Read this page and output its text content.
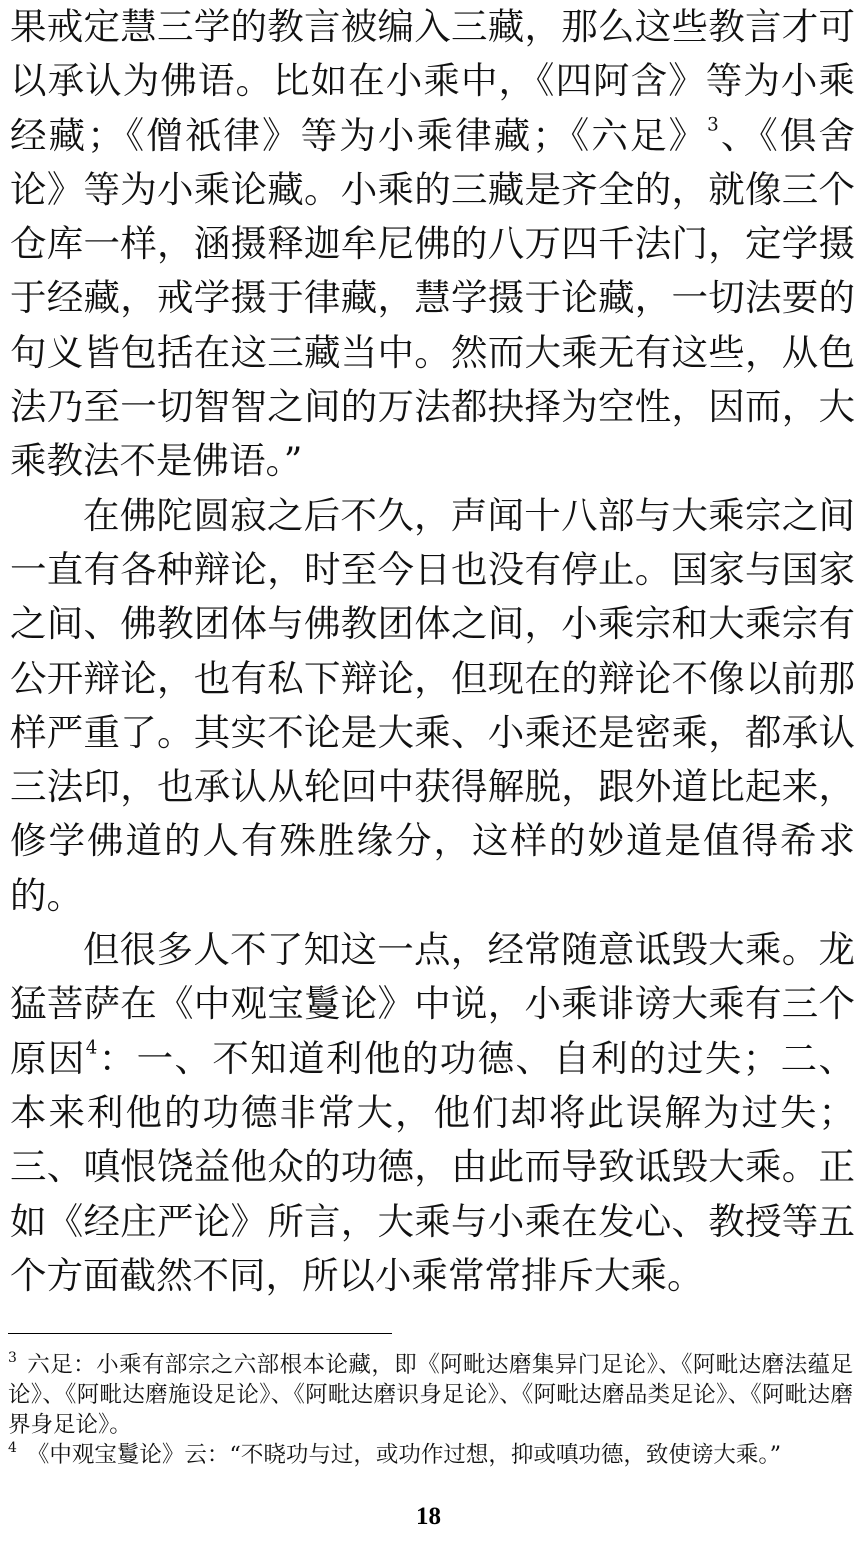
果戒定慧三学的教言被编入三藏，那么这些教言才可以承认为佛语。比如在小乘中，《四阿含》等为小乘经藏；《僧祇律》等为小乘律藏；《六足》$^3$、《俱舍论》等为小乘论藏。小乘的三藏是齐全的，就像三个仓库一样，涵摄释迦牟尼佛的八万四千法门，定学摄于经藏，戒学摄于律藏，慧学摄于论藏，一切法要的句义皆包括在这三藏当中。然而大乘无有这些，从色法乃至一切智智之间的万法都抉择为空性，因而，大乘教法不是佛语。”

在佛陀圆寂之后不久，声闻十八部与大乘宗之间一直有各种辩论，时至今日也没有停止。国家与国家之间、佛教团体与佛教团体之间，小乘宗和大乘宗有公开辩论，也有私下辩论，但现在的辩论不像以前那样严重了。其实不论是大乘、小乘还是密乘，都承认三法印，也承认从轮回中获得解脱，跟外道比起来，修学佛道的人有殊胜缘分，这样的妙道是值得希求的。

但很多人不了知这一点，经常随意诋毁大乘。龙猛菩萨在《中观宝鬘论》中说，小乘诽谤大乘有三个原因$^4$：一、不知道利他的功德、自利的过失；二、本来利他的功德非常大，他们却将此误解为过失；三、嗔恨饶益他众的功德，由此而导致诋毁大乘。正如《经庄严论》所言，大乘与小乘在发心、教授等五个方面截然不同，所以小乘常常排斥大乘。

$^3$ 六足：小乘有部宗之六部根本论藏，即《阿毗达磨集异门足论》、《阿毗达磨法蕴足论》、《阿毗达磨施设足论》、《阿毗达磨识身足论》、《阿毗达磨品类足论》、《阿毗达磨界身足论》。

$^4$ 《中观宝鬘论》云：“不晓功与过，或功作过想，抑或嗔功德，致使谤大乘。”

18
